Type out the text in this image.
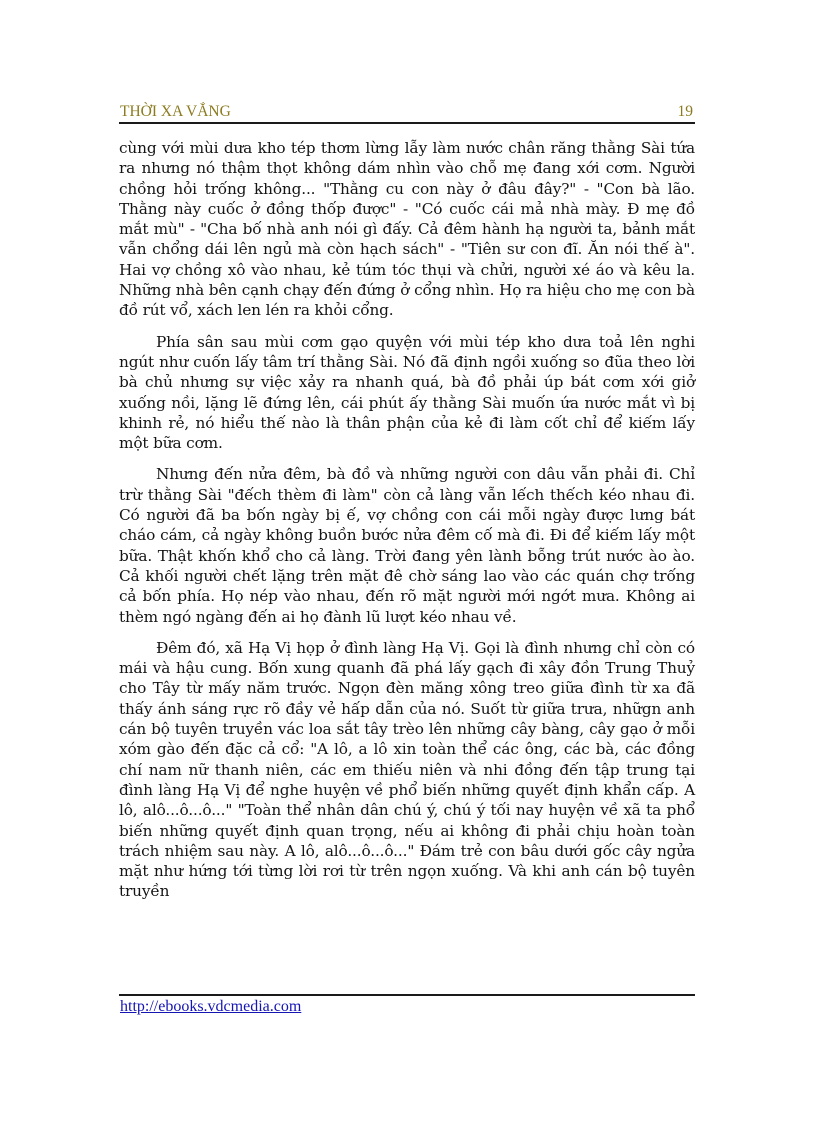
THỜI XA VẮNG	19

cùng với mùi dưa kho tép thơm lừng lẫy làm nước chân răng thằng Sài tứa ra nhưng nó thậm thọt không dám nhìn vào chỗ mẹ đang xới cơm. Người chồng hỏi trống không... "Thằng cu con này ở đâu đây?" - "Con bà lão. Thằng này cuốc ở đồng thốp được" - "Có cuốc cái mả nhà mày. Đ mẹ đồ mắt mù" - "Cha bố nhà anh nói gì đấy. Cả đêm hành hạ người ta, bảnh mắt vẫn chổng dái lên ngủ mà còn hạch sách" - "Tiên sư con đĩ. Ăn nói thế à". Hai vợ chồng xô vào nhau, kẻ túm tóc thụi và chửi, người xé áo và kêu la. Những nhà bên cạnh chạy đến đứng ở cổng nhìn. Họ ra hiệu cho mẹ con bà đồ rút vổ, xách len lén ra khỏi cổng.

Phía sân sau mùi cơm gạo quyện với mùi tép kho dưa toả lên nghi ngút như cuốn lấy tâm trí thằng Sài. Nó đã định ngồi xuống so đũa theo lời bà chủ nhưng sự việc xảy ra nhanh quá, bà đồ phải úp bát cơm xới giở xuống nồi, lặng lẽ đứng lên, cái phút ấy thằng Sài muốn ứa nước mắt vì bị khinh rẻ, nó hiểu thế nào là thân phận của kẻ đi làm cốt chỉ để kiếm lấy một bữa cơm.

Nhưng đến nửa đêm, bà đồ và những người con dâu vẫn phải đi. Chỉ trừ thằng Sài "đếch thèm đi làm" còn cả làng vẫn lếch thếch kéo nhau đi. Có người đã ba bốn ngày bị ế, vợ chồng con cái mỗi ngày được lưng bát cháo cám, cả ngày không buồn bước nửa đêm cố mà đi. Đi để kiếm lấy một bữa. Thật khốn khổ cho cả làng. Trời đang yên lành bỗng trút nước ào ào. Cả khối người chết lặng trên mặt đê chờ sáng lao vào các quán chợ trống cả bốn phía. Họ nép vào nhau, đến rõ mặt người mới ngớt mưa. Không ai thèm ngó ngàng đến ai họ đành lũ lượt kéo nhau về.

Đêm đó, xã Hạ Vị họp ở đình làng Hạ Vị. Gọi là đình nhưng chỉ còn có mái và hậu cung. Bốn xung quanh đã phá lấy gạch đi xây đồn Trung Thuỷ cho Tây từ mấy năm trước. Ngọn đèn măng xông treo giữa đình từ xa đã thấy ánh sáng rực rõ đầy vẻ hấp dẫn của nó. Suốt từ giữa trưa, nhữgn anh cán bộ tuyên truyền vác loa sắt tây trèo lên những cây bàng, cây gạo ở mỗi xóm gào đến đặc cả cổ: "A lô, a lô xin toàn thể các ông, các bà, các đồng chí nam nữ thanh niên, các em thiếu niên và nhi đồng đến tập trung tại đình làng Hạ Vị để nghe huyện về phổ biến những quyết định khẩn cấp. A lô, alô...ô...ô..." "Toàn thể nhân dân chú ý, chú ý tối nay huyện về xã ta phổ biến những quyết định quan trọng, nếu ai không đi phải chịu hoàn toàn trách nhiệm sau này. A lô, alô...ô...ô..." Đám trẻ con bâu dưới gốc cây ngửa mặt như hứng tới từng lời rơi từ trên ngọn xuống. Và khi anh cán bộ tuyên truyền

http://ebooks.vdcmedia.com
